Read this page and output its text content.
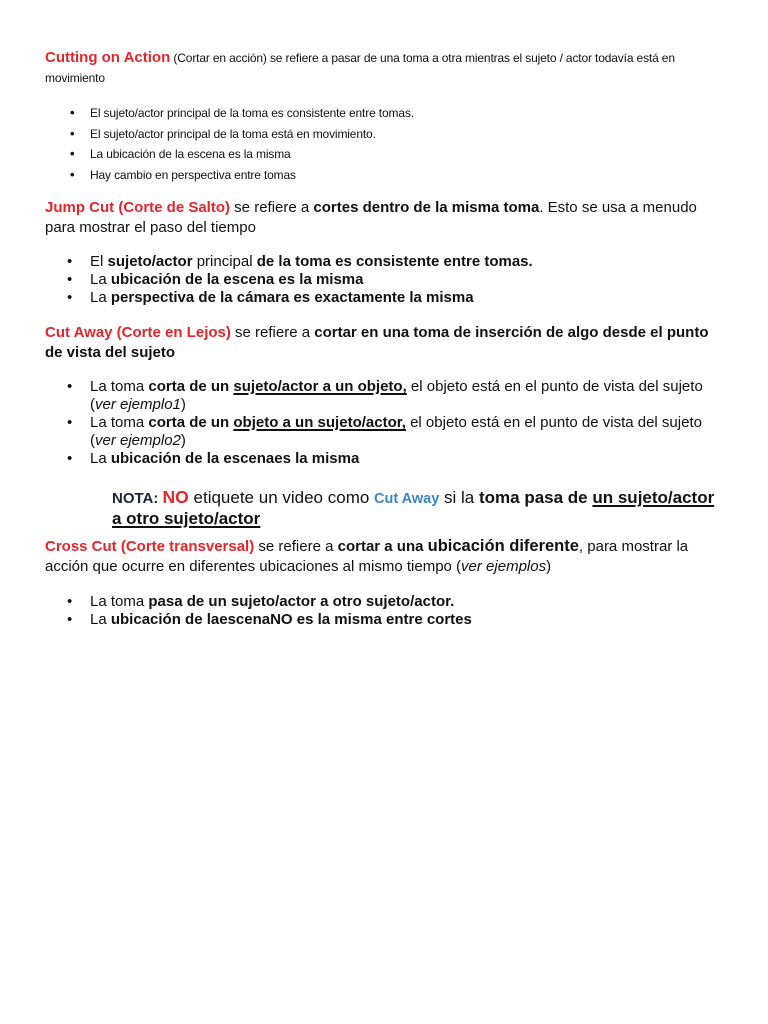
Cutting on Action (Cortar en acción) se refiere a pasar de una toma a otra mientras el sujeto / actor todavía está en movimiento

• El sujeto/actor principal de la toma es consistente entre tomas.
• El sujeto/actor principal de la toma está en movimiento.
• La ubicación de la escena es la misma
• Hay cambio en perspectiva entre tomas

Jump Cut (Corte de Salto) se refiere a cortes dentro de la misma toma. Esto se usa a menudo para mostrar el paso del tiempo

• El sujeto/actor principal de la toma es consistente entre tomas.
• La ubicación de la escena es la misma
• La perspectiva de la cámara es exactamente la misma

Cut Away (Corte en Lejos) se refiere a cortar en una toma de inserción de algo desde el punto de vista del sujeto

• La toma corta de un sujeto/actor a un objeto, el objeto está en el punto de vista del sujeto (ver ejemplo1)
• La toma corta de un objeto a un sujeto/actor, el objeto está en el punto de vista del sujeto (ver ejemplo2)
• La ubicación de la escenaes la misma

NOTA: NO etiquete un video como Cut Away si la toma pasa de un sujeto/actor a otro sujeto/actor

Cross Cut (Corte transversal) se refiere a cortar a una ubicación diferente, para mostrar la acción que ocurre en diferentes ubicaciones al mismo tiempo (ver ejemplos)

• La toma pasa de un sujeto/actor a otro sujeto/actor.
• La ubicación de laescenaNO es la misma entre cortes
